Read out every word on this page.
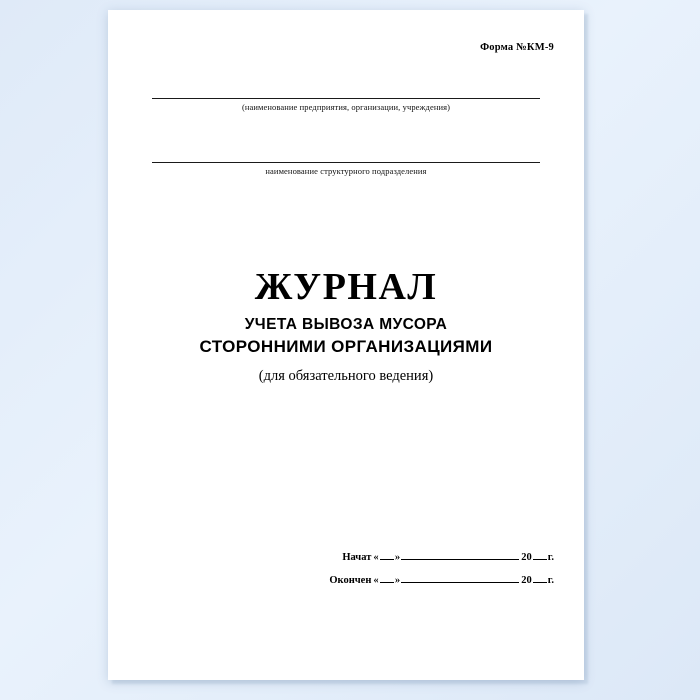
Форма №КМ-9
(наименование предприятия, организации, учреждения)
наименование структурного подразделения
ЖУРНАЛ
УЧЕТА ВЫВОЗА МУСОРА
СТОРОННИМИ ОРГАНИЗАЦИЯМИ
(для обязательного ведения)
Начат « »	20 г.
Окончен « »	20 г.
